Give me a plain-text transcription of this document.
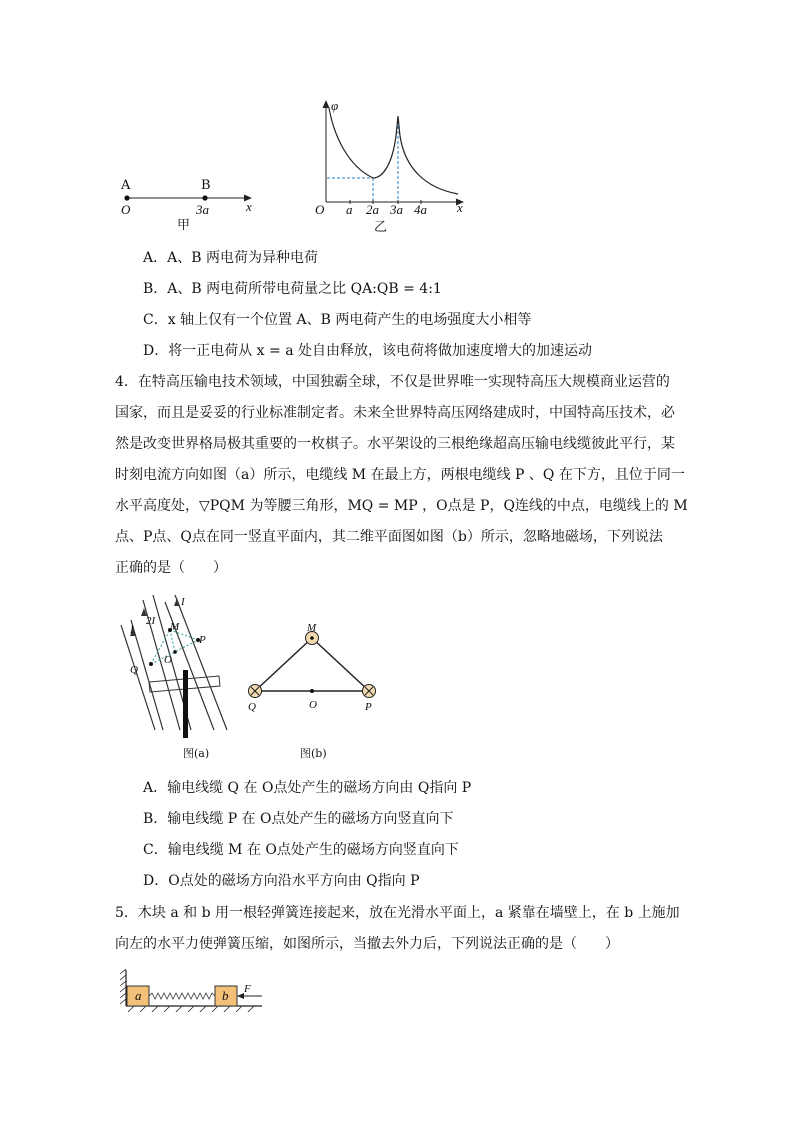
A	B
O	3a	x
甲
φ
O a 2a 3a 4a x
乙
A．A、B 两电荷为异种电荷
B．A、B 两电荷所带电荷量之比 QA:QB = 4:1
C．x 轴上仅有一个位置 A、B 两电荷产生的电场强度大小相等
D．将一正电荷从 x = a 处自由释放，该电荷将做加速度增大的加速运动
4．在特高压输电技术领域，中国独霸全球，不仅是世界唯一实现特高压大规模商业运营的
国家，而且是妥妥的行业标准制定者。未来全世界特高压网络建成时，中国特高压技术，必
然是改变世界格局极其重要的一枚棋子。水平架设的三根绝缘超高压输电线缆彼此平行，某
时刻电流方向如图（a）所示，电缆线 M 在最上方，两根电缆线 P 、Q 在下方，且位于同一
水平高度处，▽PQM 为等腰三角形，MQ = MP ，O点是 P，Q连线的中点，电缆线上的 M
点、P点、Q点在同一竖直平面内，其二维平面图如图（b）所示，忽略地磁场，下列说法
正确的是（　　）
I
2I
I
M
P
Q
O
图(a)
M
Q	O	P
图(b)
A．输电线缆 Q 在 O点处产生的磁场方向由 Q指向 P
B．输电线缆 P 在 O点处产生的磁场方向竖直向下
C．输电线缆 M 在 O点处产生的磁场方向竖直向下
D．O点处的磁场方向沿水平方向由 Q指向 P
5．木块 a 和 b 用一根轻弹簧连接起来，放在光滑水平面上，a 紧靠在墙壁上，在 b 上施加
向左的水平力使弹簧压缩，如图所示，当撤去外力后，下列说法正确的是（　　）
a	b F
